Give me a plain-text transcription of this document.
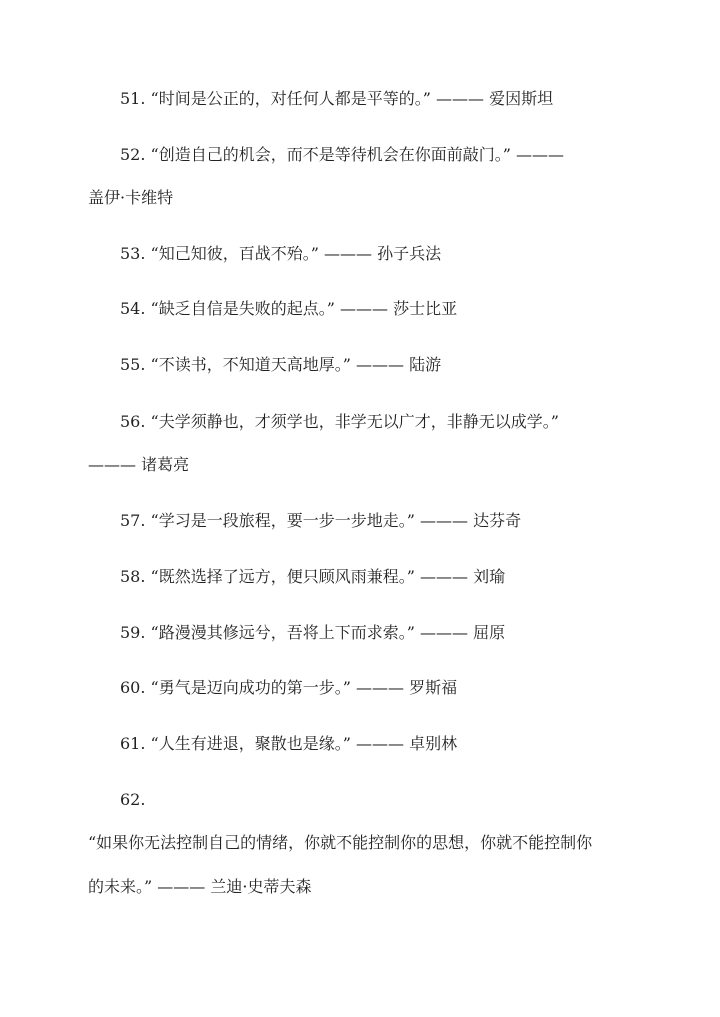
51. “时间是公正的，对任何人都是平等的。” ——— 爱因斯坦
52. “创造自己的机会，而不是等待机会在你面前敲门。” ———
盖伊·卡维特
53. “知己知彼，百战不殆。” ——— 孙子兵法
54. “缺乏自信是失败的起点。” ——— 莎士比亚
55. “不读书，不知道天高地厚。” ——— 陆游
56. “夫学须静也，才须学也，非学无以广才，非静无以成学。”
——— 诸葛亮
57. “学习是一段旅程，要一步一步地走。” ——— 达芬奇
58. “既然选择了远方，便只顾风雨兼程。” ——— 刘瑜
59. “路漫漫其修远兮，吾将上下而求索。” ——— 屈原
60. “勇气是迈向成功的第一步。” ——— 罗斯福
61. “人生有进退，聚散也是缘。” ——— 卓别林
62.
“如果你无法控制自己的情绪，你就不能控制你的思想，你就不能控制你
的未来。” ——— 兰迪·史蒂夫森
